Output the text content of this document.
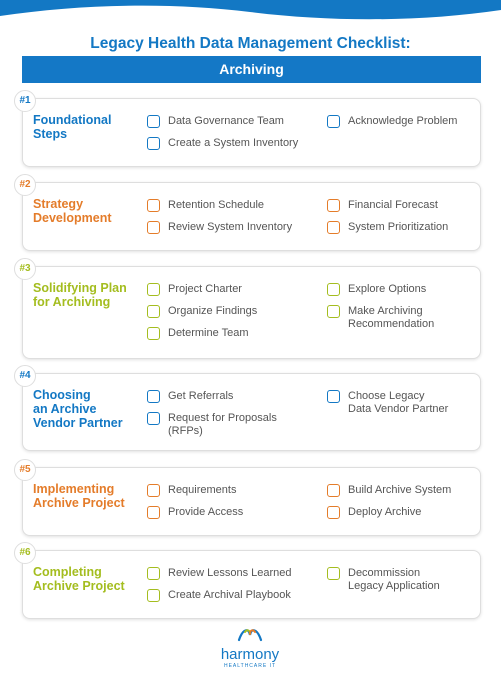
Legacy Health Data Management Checklist:
Archiving
#1
Foundational
Steps
Data Governance Team
Create a System Inventory
Acknowledge Problem
#2
Strategy
Development
Retention Schedule
Review System Inventory
Financial Forecast
System Prioritization
#3
Solidifying Plan
for Archiving
Project Charter
Organize Findings
Determine Team
Explore Options
Make Archiving
Recommendation
#4
Choosing
an Archive
Vendor Partner
Get Referrals
Request for Proposals
(RFPs)
Choose Legacy
Data Vendor Partner
#5
Implementing
Archive Project
Requirements
Provide Access
Build Archive System
Deploy Archive
#6
Completing
Archive Project
Review Lessons Learned
Create Archival Playbook
Decommission
Legacy Application
harmony
HEALTHCARE IT
